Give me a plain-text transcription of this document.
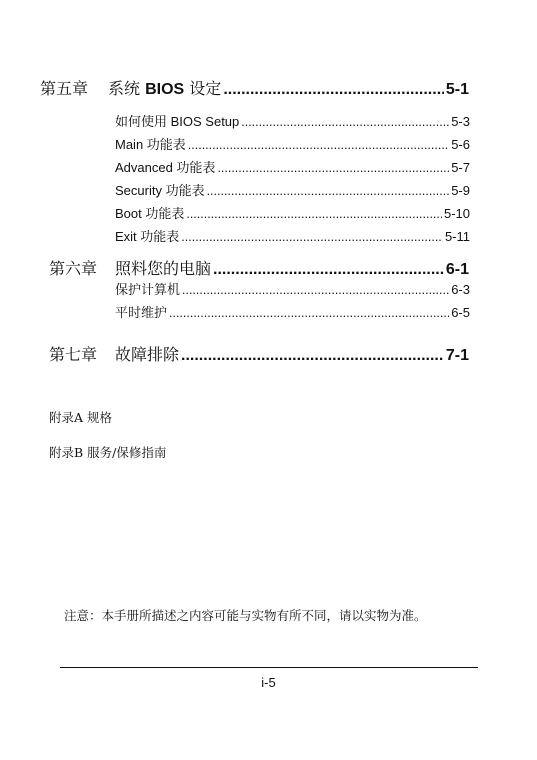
第五章	系统 BIOS 设定 .....	5-1
如何使用 BIOS Setup .....	5-3
Main 功能表 .....	5-6
Advanced 功能表 .....	5-7
Security 功能表 .....	5-9
Boot 功能表 .....	5-10
Exit 功能表 .....	5-11
第六章	照料您的电脑 .....	6-1
保护计算机 .....	6-3
平时维护 .....	6-5
第七章	故障排除 .....	7-1
附录A 规格
附录B 服务/保修指南
注意：本手册所描述之内容可能与实物有所不同，请以实物为准。
i-5
